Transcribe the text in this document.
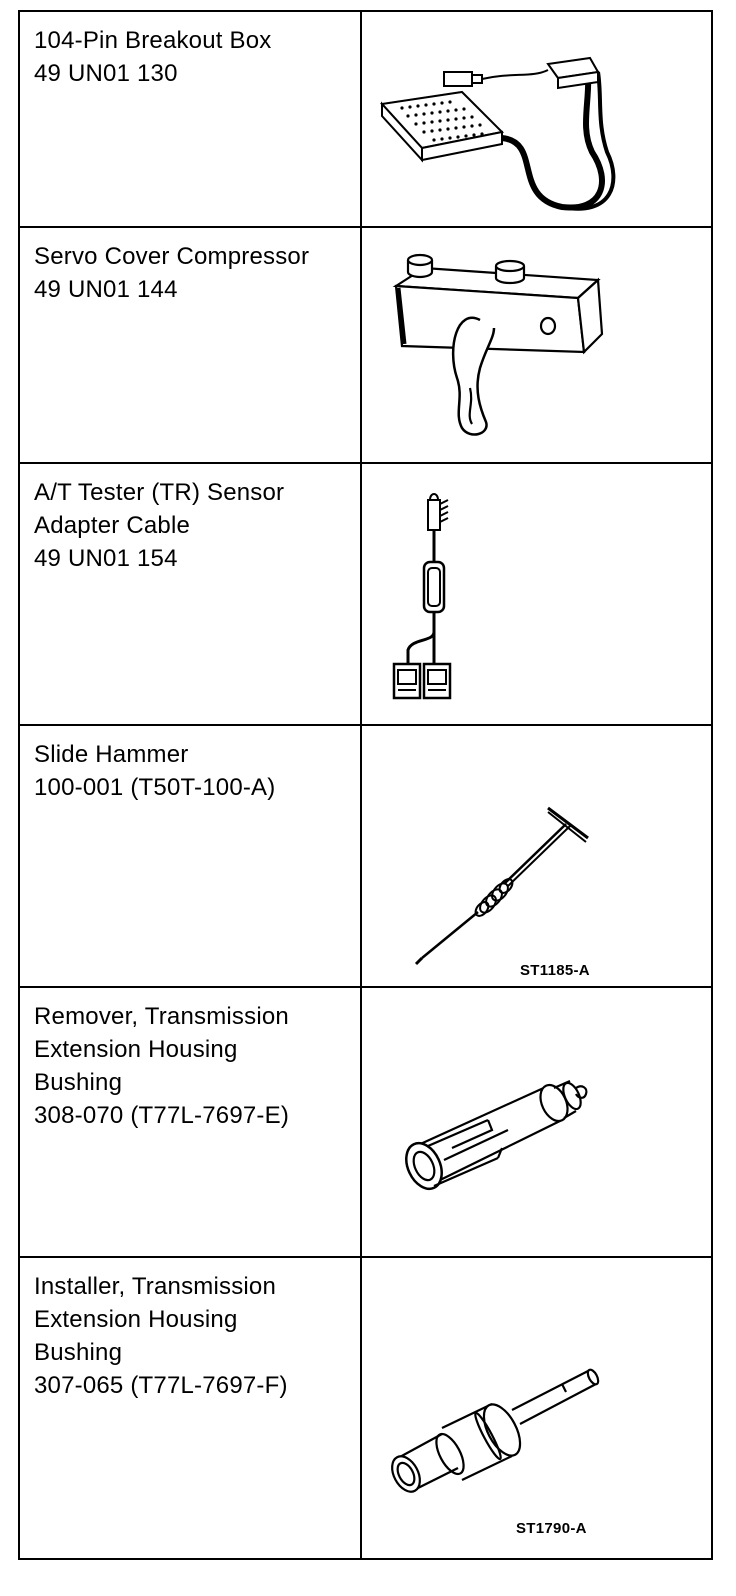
104-Pin Breakout Box
49 UN01 130

Servo Cover Compressor
49 UN01 144

A/T Tester (TR) Sensor
Adapter Cable
49 UN01 154

Slide Hammer
100-001 (T50T-100-A)	ST1185-A

Remover, Transmission
Extension Housing
Bushing
308-070 (T77L-7697-E)

Installer, Transmission
Extension Housing
Bushing
307-065 (T77L-7697-F)	ST1790-A
